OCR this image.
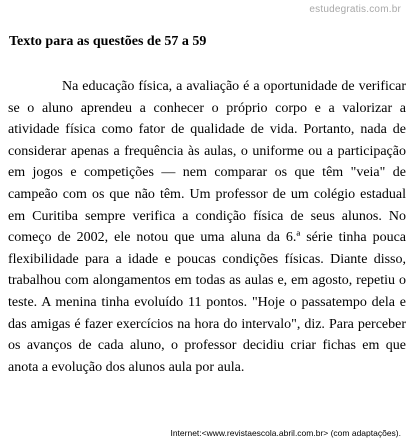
estudegratis.com.br
Texto para as questões de 57 a 59

Na educação física, a avaliação é a oportunidade de verificar se o aluno aprendeu a conhecer o próprio corpo e a valorizar a atividade física como fator de qualidade de vida. Portanto, nada de considerar apenas a frequência às aulas, o uniforme ou a participação em jogos e competições — nem comparar os que têm "veia" de campeão com os que não têm. Um professor de um colégio estadual em Curitiba sempre verifica a condição física de seus alunos. No começo de 2002, ele notou que uma aluna da 6.ª série tinha pouca flexibilidade para a idade e poucas condições físicas. Diante disso, trabalhou com alongamentos em todas as aulas e, em agosto, repetiu o teste. A menina tinha evoluído 11 pontos. "Hoje o passatempo dela e das amigas é fazer exercícios na hora do intervalo", diz. Para perceber os avanços de cada aluno, o professor decidiu criar fichas em que anota a evolução dos alunos aula por aula.

Internet:<www.revistaescola.abril.com.br> (com adaptações).
